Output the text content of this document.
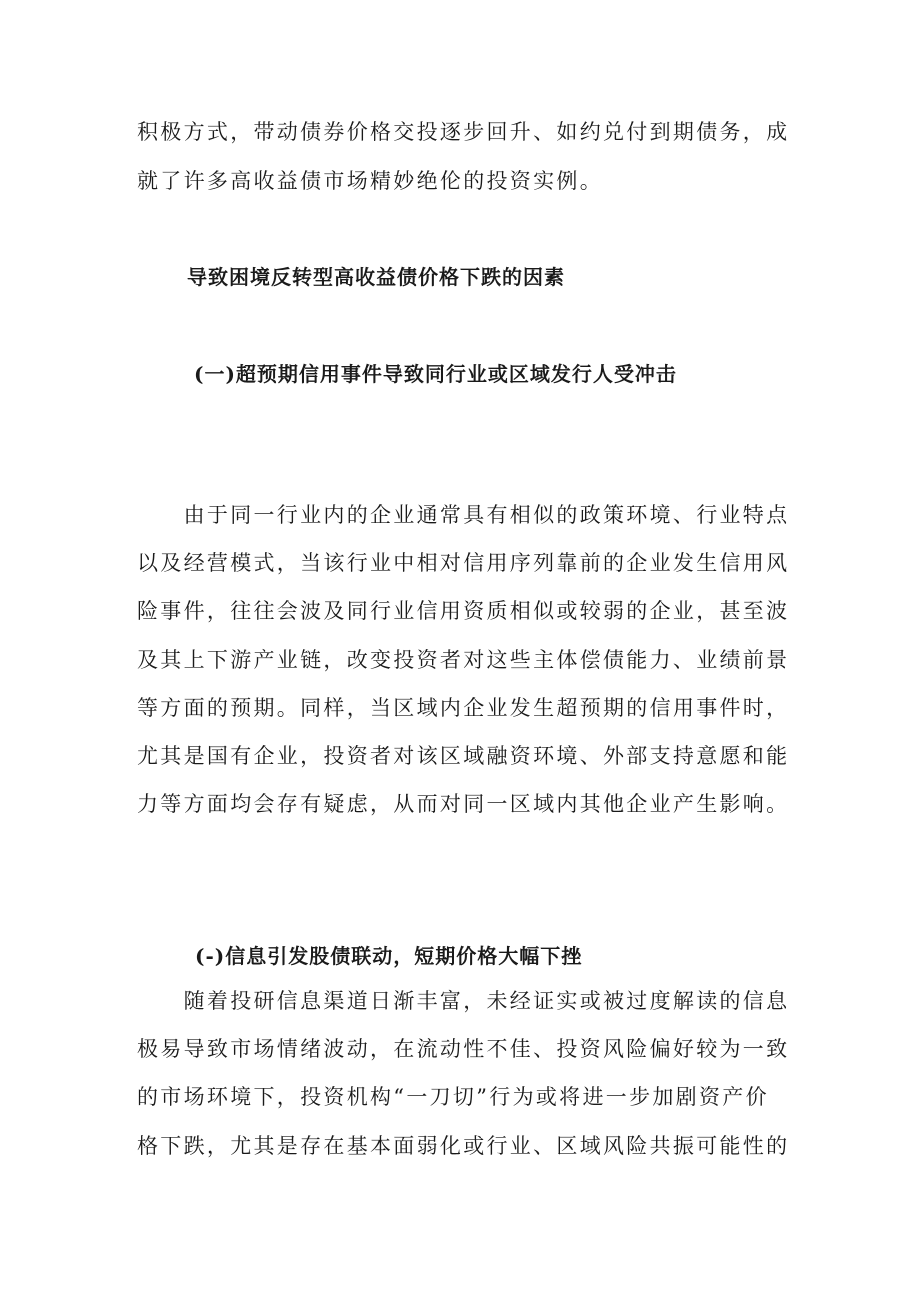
积极方式，带动债券价格交投逐步回升、如约兑付到期债务，成
就了许多高收益债市场精妙绝伦的投资实例。
导致困境反转型高收益债价格下跌的因素
(一)超预期信用事件导致同行业或区域发行人受冲击
　　由于同一行业内的企业通常具有相似的政策环境、行业特点
以及经营模式，当该行业中相对信用序列靠前的企业发生信用风
险事件，往往会波及同行业信用资质相似或较弱的企业，甚至波
及其上下游产业链，改变投资者对这些主体偿债能力、业绩前景
等方面的预期。同样，当区域内企业发生超预期的信用事件时，
尤其是国有企业，投资者对该区域融资环境、外部支持意愿和能
力等方面均会存有疑虑，从而对同一区域内其他企业产生影响。
(-)信息引发股债联动，短期价格大幅下挫
　　随着投研信息渠道日渐丰富，未经证实或被过度解读的信息
极易导致市场情绪波动，在流动性不佳、投资风险偏好较为一致
的市场环境下，投资机构“一刀切”行为或将进一步加剧资产价
格下跌，尤其是存在基本面弱化或行业、区域风险共振可能性的
